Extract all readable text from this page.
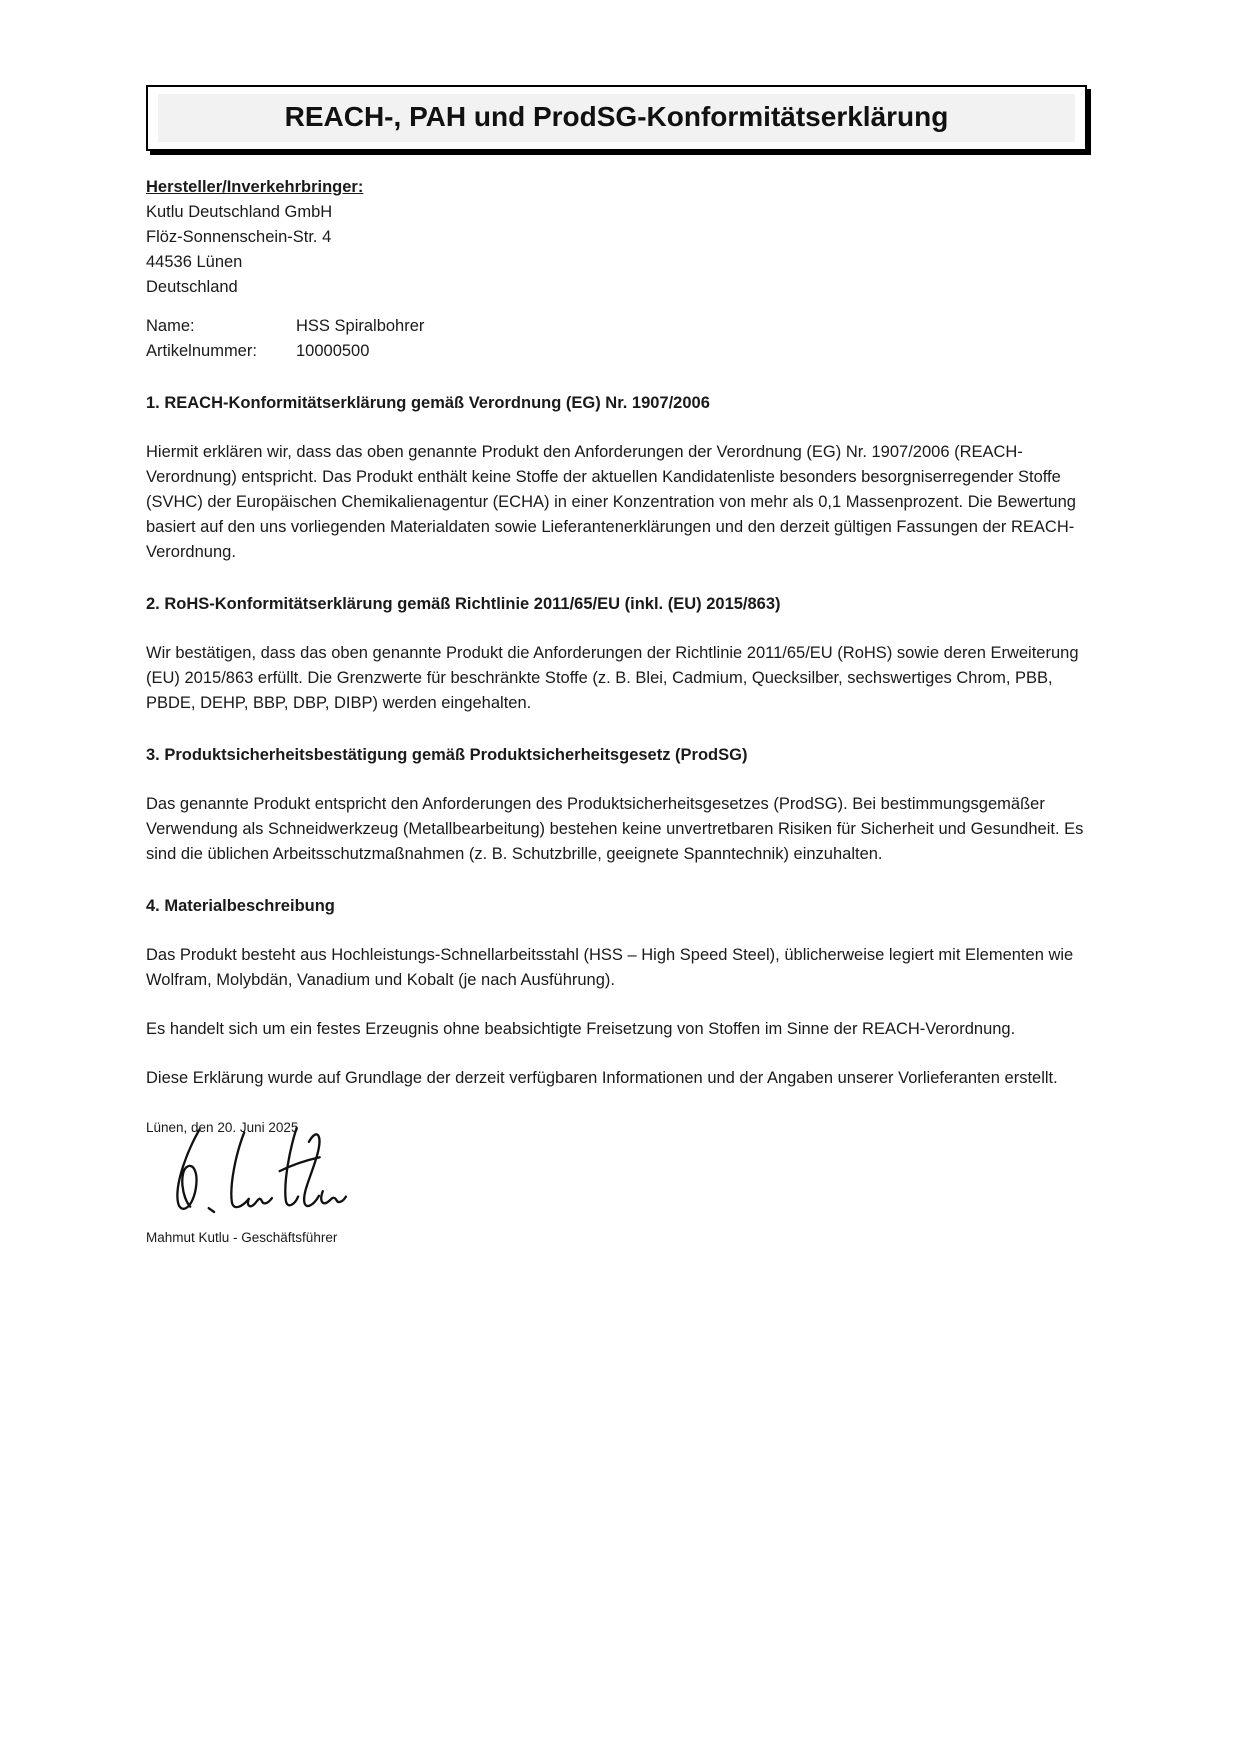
REACH-, PAH und ProdSG-Konformitätserklärung
Hersteller/Inverkehrbringer:
Kutlu Deutschland GmbH
Flöz-Sonnenschein-Str. 4
44536 Lünen
Deutschland
Name:	HSS Spiralbohrer
Artikelnummer:	10000500
1. REACH-Konformitätserklärung gemäß Verordnung (EG) Nr. 1907/2006

Hiermit erklären wir, dass das oben genannte Produkt den Anforderungen der Verordnung (EG) Nr. 1907/2006 (REACH-Verordnung) entspricht. Das Produkt enthält keine Stoffe der aktuellen Kandidatenliste besonders besorgniserregender Stoffe (SVHC) der Europäischen Chemikalienagentur (ECHA) in einer Konzentration von mehr als 0,1 Massenprozent. Die Bewertung basiert auf den uns vorliegenden Materialdaten sowie Lieferantenerklärungen und den derzeit gültigen Fassungen der REACH-Verordnung.

2. RoHS-Konformitätserklärung gemäß Richtlinie 2011/65/EU (inkl. (EU) 2015/863)

Wir bestätigen, dass das oben genannte Produkt die Anforderungen der Richtlinie 2011/65/EU (RoHS) sowie deren Erweiterung (EU) 2015/863 erfüllt. Die Grenzwerte für beschränkte Stoffe (z. B. Blei, Cadmium, Quecksilber, sechswertiges Chrom, PBB, PBDE, DEHP, BBP, DBP, DIBP) werden eingehalten.

3. Produktsicherheitsbestätigung gemäß Produktsicherheitsgesetz (ProdSG)

Das genannte Produkt entspricht den Anforderungen des Produktsicherheitsgesetzes (ProdSG). Bei bestimmungsgemäßer Verwendung als Schneidwerkzeug (Metallbearbeitung) bestehen keine unvertretbaren Risiken für Sicherheit und Gesundheit. Es sind die üblichen Arbeitsschutzmaßnahmen (z. B. Schutzbrille, geeignete Spanntechnik) einzuhalten.

4. Materialbeschreibung

Das Produkt besteht aus Hochleistungs-Schnellarbeitsstahl (HSS – High Speed Steel), üblicherweise legiert mit Elementen wie Wolfram, Molybdän, Vanadium und Kobalt (je nach Ausführung).

Es handelt sich um ein festes Erzeugnis ohne beabsichtigte Freisetzung von Stoffen im Sinne der REACH-Verordnung.

Diese Erklärung wurde auf Grundlage der derzeit verfügbaren Informationen und der Angaben unserer Vorlieferanten erstellt.

Lünen, den 20. Juni 2025
Mahmut Kutlu - Geschäftsführer
